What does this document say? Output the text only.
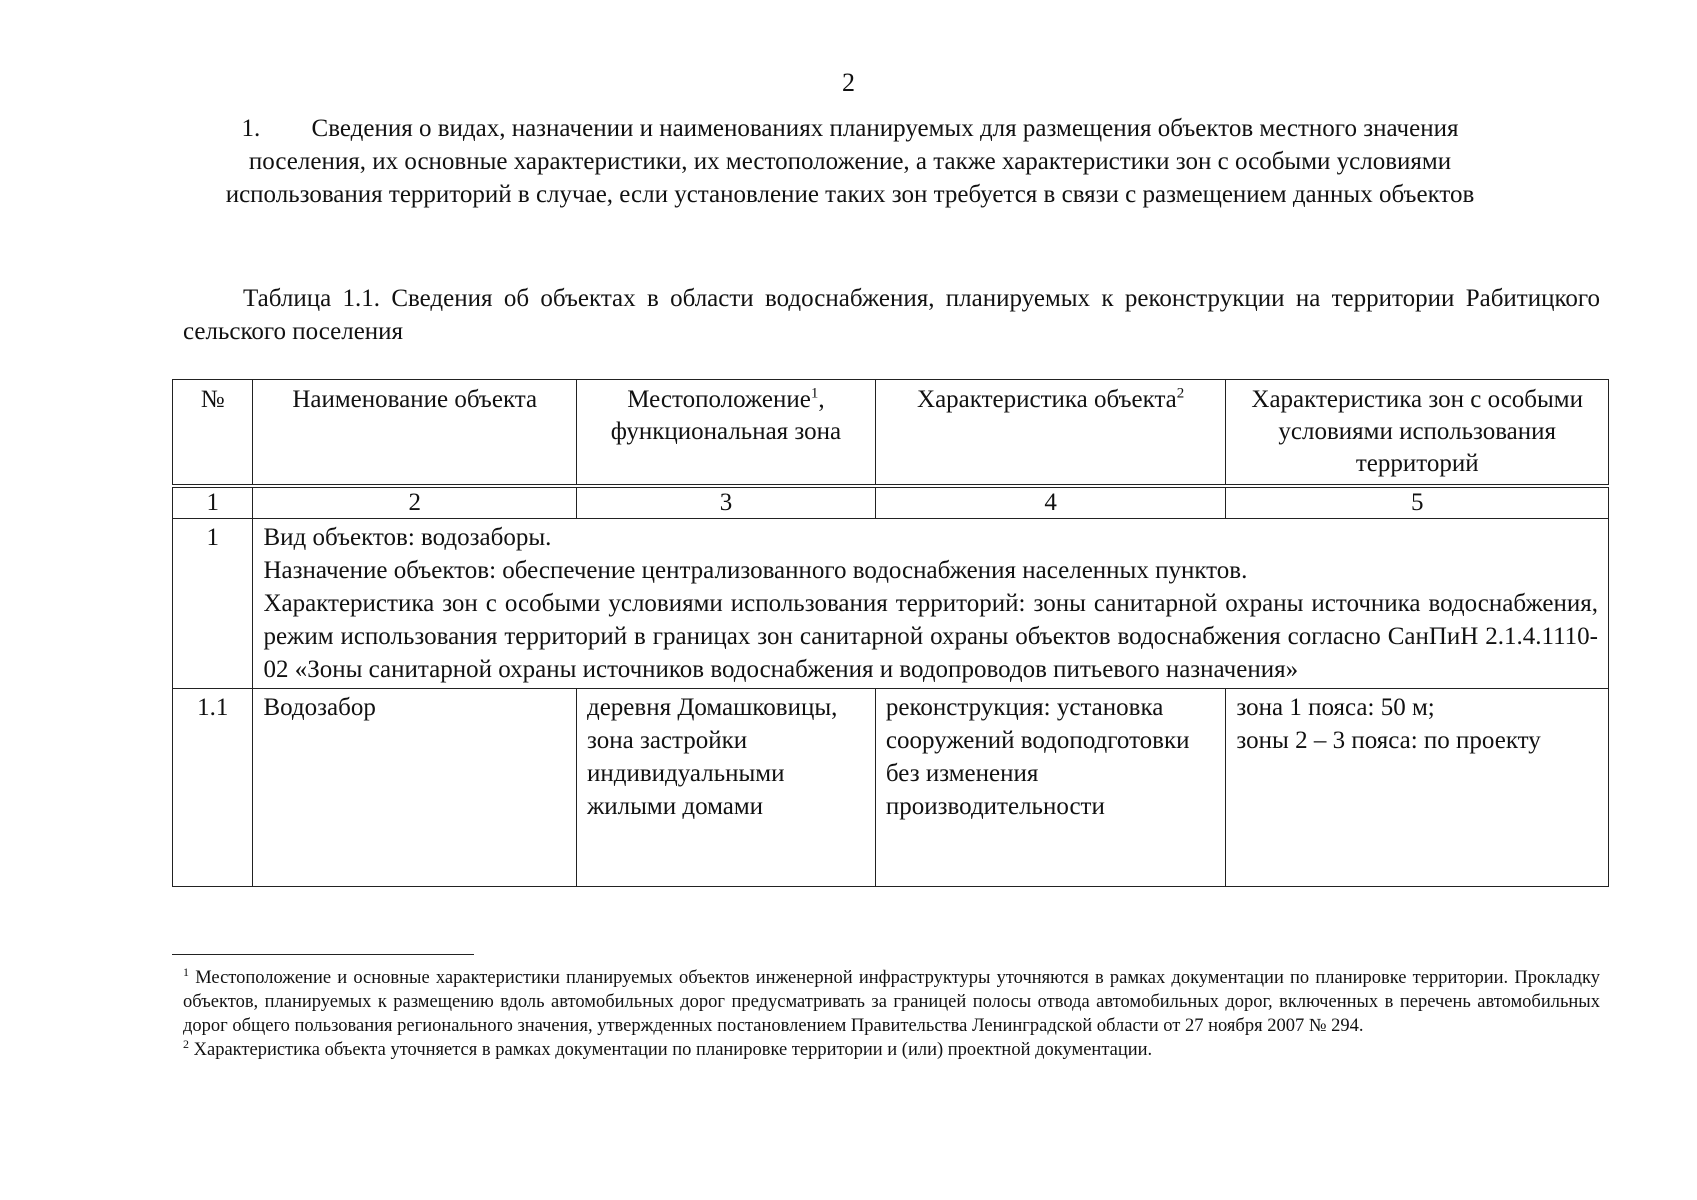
2
1. Сведения о видах, назначении и наименованиях планируемых для размещения объектов местного значения поселения, их основные характеристики, их местоположение, а также характеристики зон с особыми условиями использования территорий в случае, если установление таких зон требуется в связи с размещением данных объектов
Таблица 1.1. Сведения об объектах в области водоснабжения, планируемых к реконструкции на территории Рабитицкого сельского поселения
№	Наименование объекта	Местоположение$^1$, функциональная зона	Характеристика объекта$^2$	Характеристика зон с особыми условиями использования территорий
1	2	3	4	5
1	Вид объектов: водозаборы.

Назначение объектов: обеспечение централизованного водоснабжения населенных пунктов.

Характеристика зон с особыми условиями использования территорий: зоны санитарной охраны источника водоснабжения, режим использования территорий в границах зон санитарной охраны объектов водоснабжения согласно СанПиН 2.1.4.1110-02 «Зоны санитарной охраны источников водоснабжения и водопроводов питьевого назначения»			

1.1	Водозабор	деревня Домашковицы, зона застройки индивидуальными жилыми домами	реконструкция: установка сооружений водоподготовки без изменения производительности	зона 1 пояса: 50 м;
зоны 2 – 3 пояса: по проекту

$^1$ Местоположение и основные характеристики планируемых объектов инженерной инфраструктуры уточняются в рамках документации по планировке территории. Прокладку объектов, планируемых к размещению вдоль автомобильных дорог предусматривать за границей полосы отвода автомобильных дорог, включенных в перечень автомобильных дорог общего пользования регионального значения, утвержденных постановлением Правительства Ленинградской области от 27 ноября 2007 № 294.

$^2$ Характеристика объекта уточняется в рамках документации по планировке территории и (или) проектной документации.
